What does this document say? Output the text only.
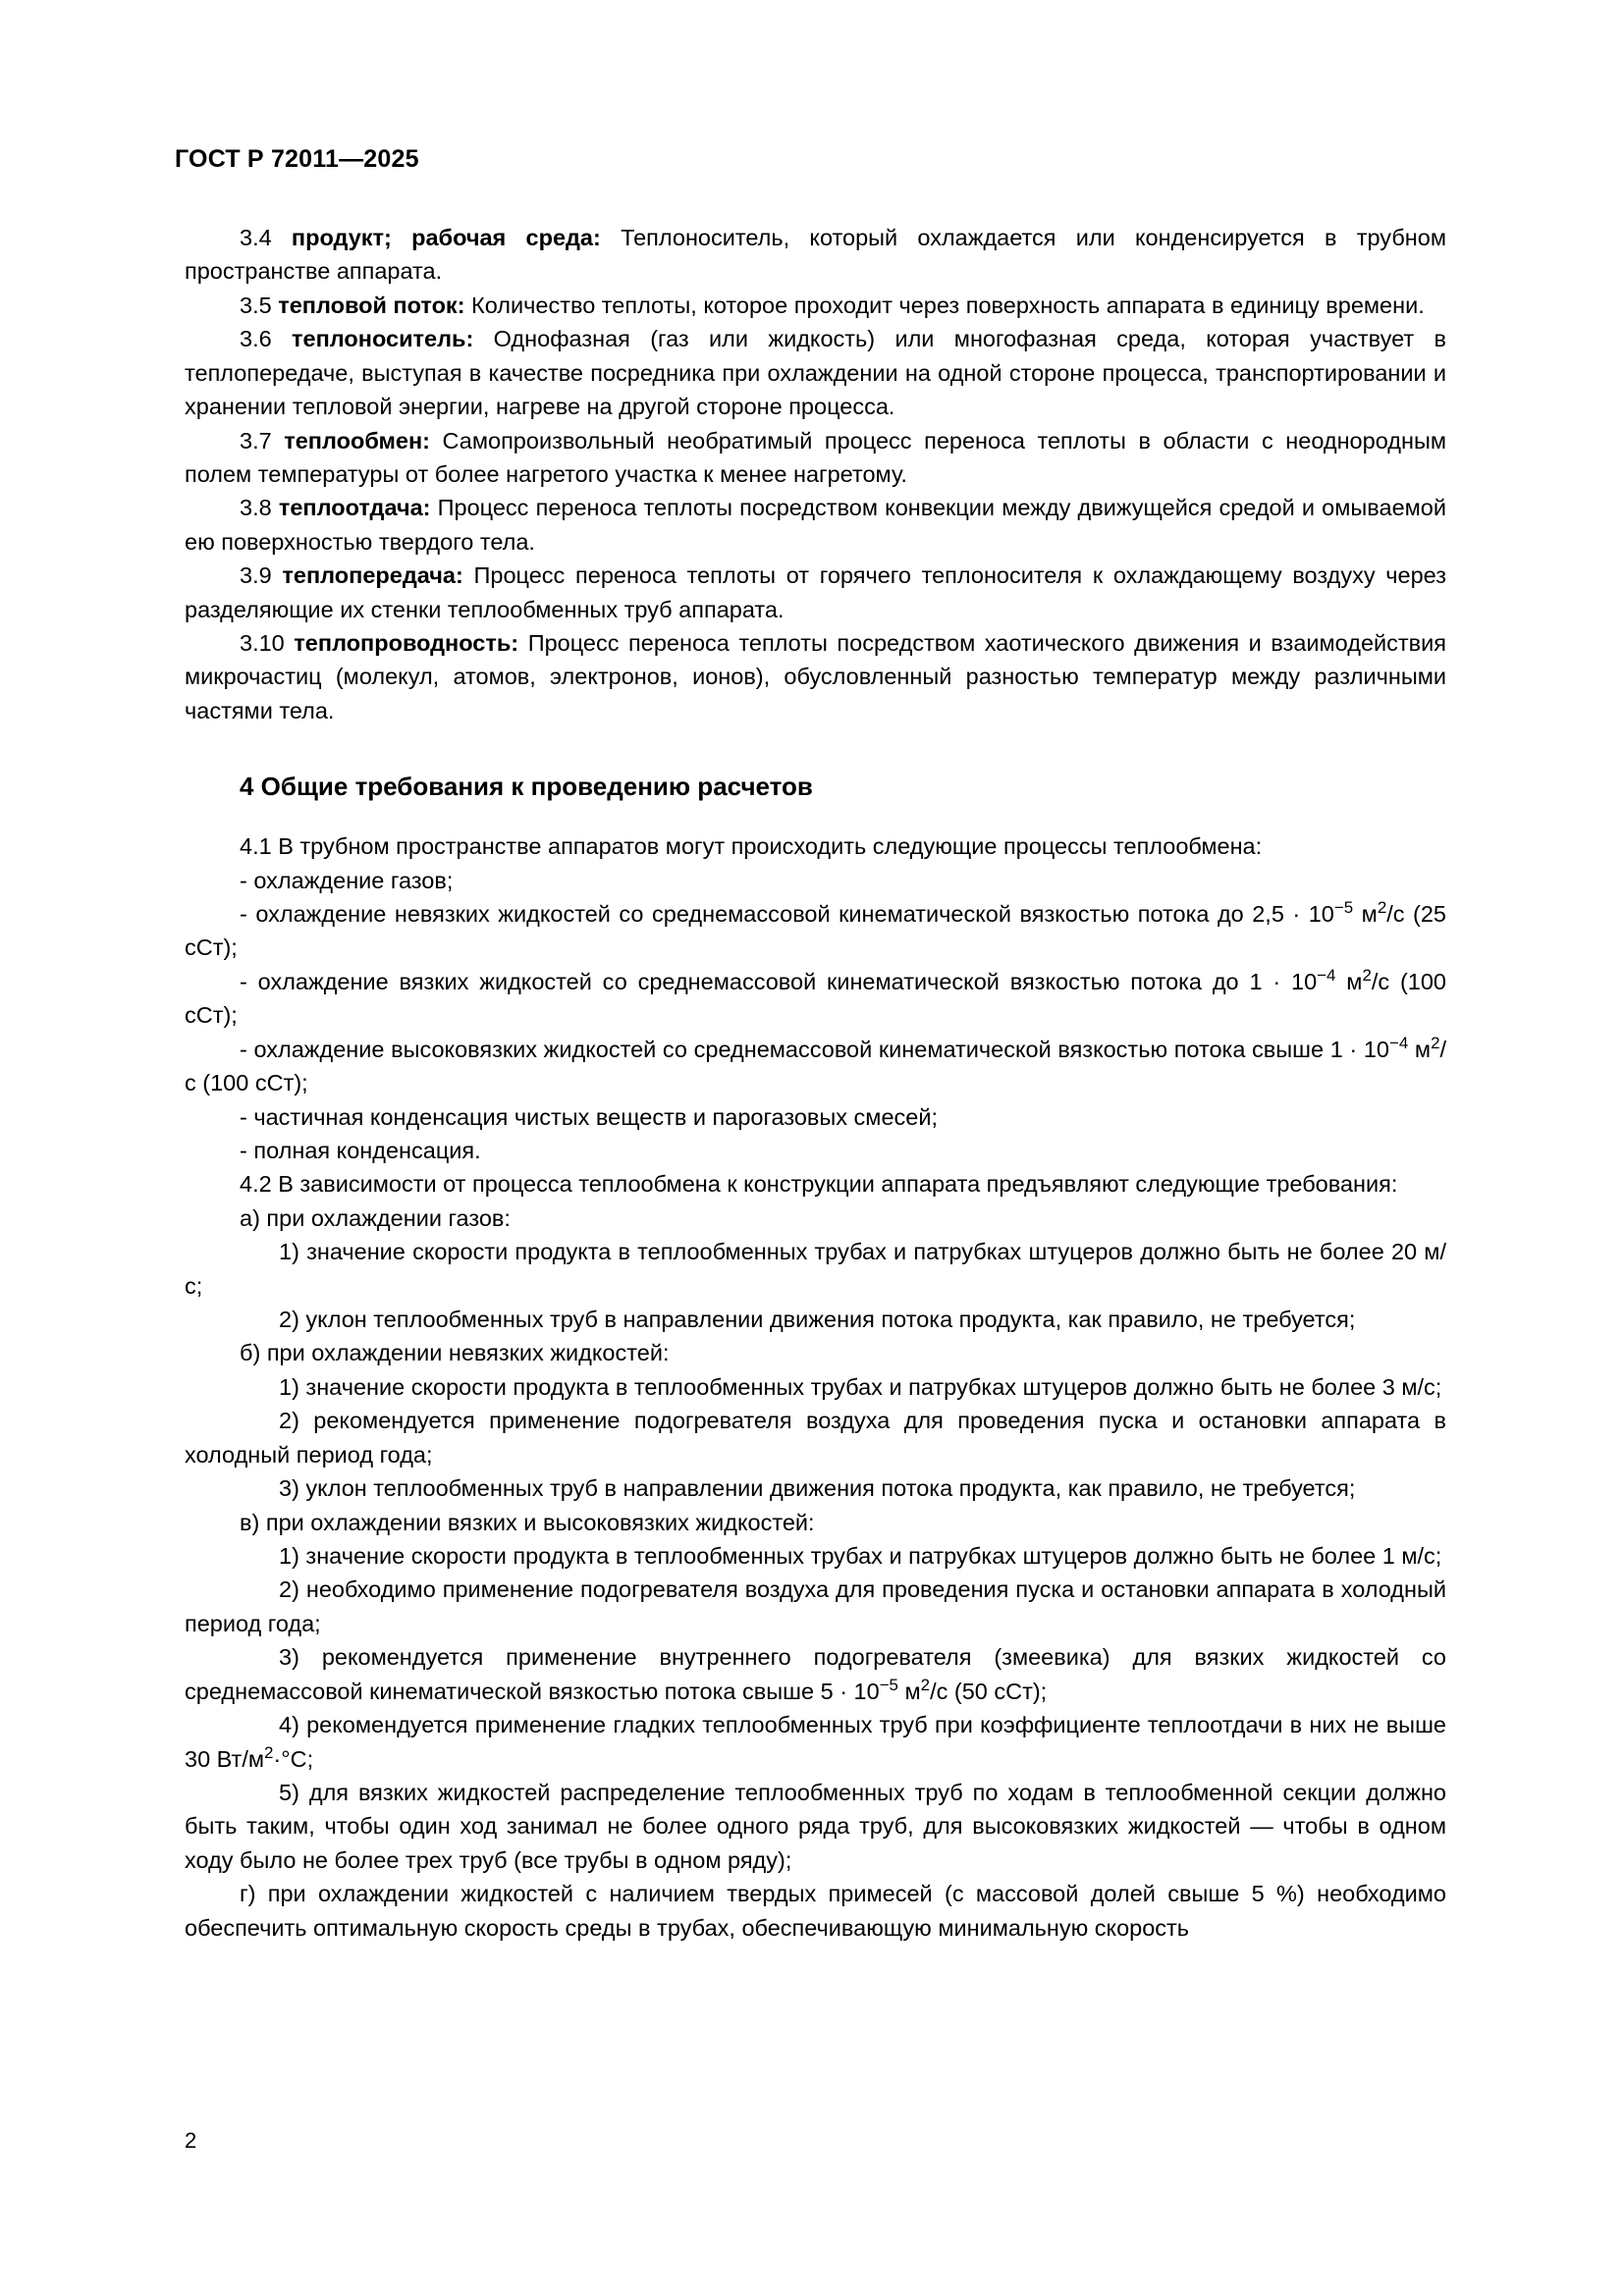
ГОСТ Р 72011—2025

3.4 продукт; рабочая среда: Теплоноситель, который охлаждается или конденсируется в трубном пространстве аппарата.

3.5 тепловой поток: Количество теплоты, которое проходит через поверхность аппарата в единицу времени.

3.6 теплоноситель: Однофазная (газ или жидкость) или многофазная среда, которая участвует в теплопередаче, выступая в качестве посредника при охлаждении на одной стороне процесса, транспортировании и хранении тепловой энергии, нагреве на другой стороне процесса.

3.7 теплообмен: Самопроизвольный необратимый процесс переноса теплоты в области с неоднородным полем температуры от более нагретого участка к менее нагретому.

3.8 теплоотдача: Процесс переноса теплоты посредством конвекции между движущейся средой и омываемой ею поверхностью твердого тела.

3.9 теплопередача: Процесс переноса теплоты от горячего теплоносителя к охлаждающему воздуху через разделяющие их стенки теплообменных труб аппарата.

3.10 теплопроводность: Процесс переноса теплоты посредством хаотического движения и взаимодействия микрочастиц (молекул, атомов, электронов, ионов), обусловленный разностью температур между различными частями тела.

4 Общие требования к проведению расчетов

4.1 В трубном пространстве аппаратов могут происходить следующие процессы теплообмена:

- охлаждение газов;

- охлаждение невязких жидкостей со среднемассовой кинематической вязкостью потока до $2,5 \cdot 10^{-5}$ $м^2/с$ (25 сСт);

- охлаждение вязких жидкостей со среднемассовой кинематической вязкостью потока до $1 \cdot 10^{-4}$ $м^2/с$ (100 сСт);

- охлаждение высоковязких жидкостей со среднемассовой кинематической вязкостью потока свыше $1 \cdot 10^{-4}$ $м^2/с$ (100 сСт);

- частичная конденсация чистых веществ и парогазовых смесей;

- полная конденсация.

4.2 В зависимости от процесса теплообмена к конструкции аппарата предъявляют следующие требования:

а) при охлаждении газов:

1) значение скорости продукта в теплообменных трубах и патрубках штуцеров должно быть не более 20 м/с;

2) уклон теплообменных труб в направлении движения потока продукта, как правило, не требуется;

б) при охлаждении невязких жидкостей:

1) значение скорости продукта в теплообменных трубах и патрубках штуцеров должно быть не более 3 м/с;

2) рекомендуется применение подогревателя воздуха для проведения пуска и остановки аппарата в холодный период года;

3) уклон теплообменных труб в направлении движения потока продукта, как правило, не требуется;

в) при охлаждении вязких и высоковязких жидкостей:

1) значение скорости продукта в теплообменных трубах и патрубках штуцеров должно быть не более 1 м/с;

2) необходимо применение подогревателя воздуха для проведения пуска и остановки аппарата в холодный период года;

3) рекомендуется применение внутреннего подогревателя (змеевика) для вязких жидкостей со среднемассовой кинематической вязкостью потока свыше $5 \cdot 10^{-5}$ $м^2/с$ (50 сСт);

4) рекомендуется применение гладких теплообменных труб при коэффициенте теплоотдачи в них не выше 30 $Вт/м^2\cdot^\circ С$;

5) для вязких жидкостей распределение теплообменных труб по ходам в теплообменной секции должно быть таким, чтобы один ход занимал не более одного ряда труб, для высоковязких жидкостей — чтобы в одном ходу было не более трех труб (все трубы в одном ряду);

г) при охлаждении жидкостей с наличием твердых примесей (с массовой долей свыше 5 %) необходимо обеспечить оптимальную скорость среды в трубах, обеспечивающую минимальную скорость

2
